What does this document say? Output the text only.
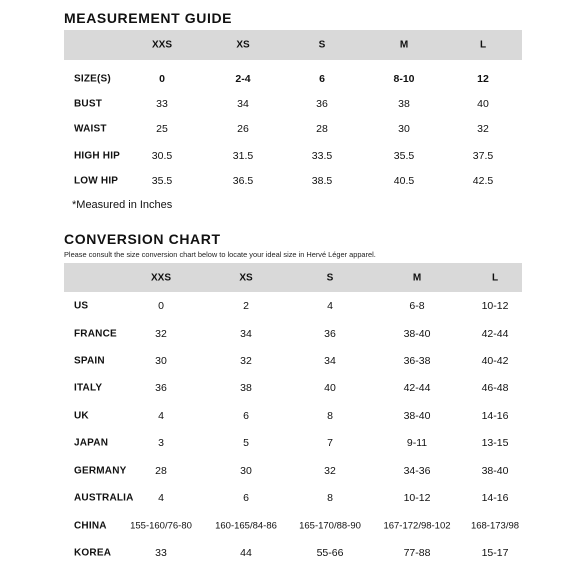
MEASUREMENT GUIDE
XXS	XS	S	M	L
SIZE(S)	0	2-4	6	8-10	12
BUST	33	34	36	38	40
WAIST	25	26	28	30	32
HIGH HIP	30.5	31.5	33.5	35.5	37.5
LOW HIP	35.5	36.5	38.5	40.5	42.5
*Measured in Inches
CONVERSION CHART
Please consult the size conversion chart below to locate your ideal size in Hervé Léger apparel.
XXS	XS	S	M	L
US	0	2	4	6-8	10-12
FRANCE	32	34	36	38-40	42-44
SPAIN	30	32	34	36-38	40-42
ITALY	36	38	40	42-44	46-48
UK	4	6	8	38-40	14-16
JAPAN	3	5	7	9-11	13-15
GERMANY	28	30	32	34-36	38-40
AUSTRALIA 4	6	8	10-12	14-16
CHINA 155-160/76-80 160-165/84-86 165-170/88-90 167-172/98-102 168-173/98
KOREA	33	44	55-66	77-88	15-17
